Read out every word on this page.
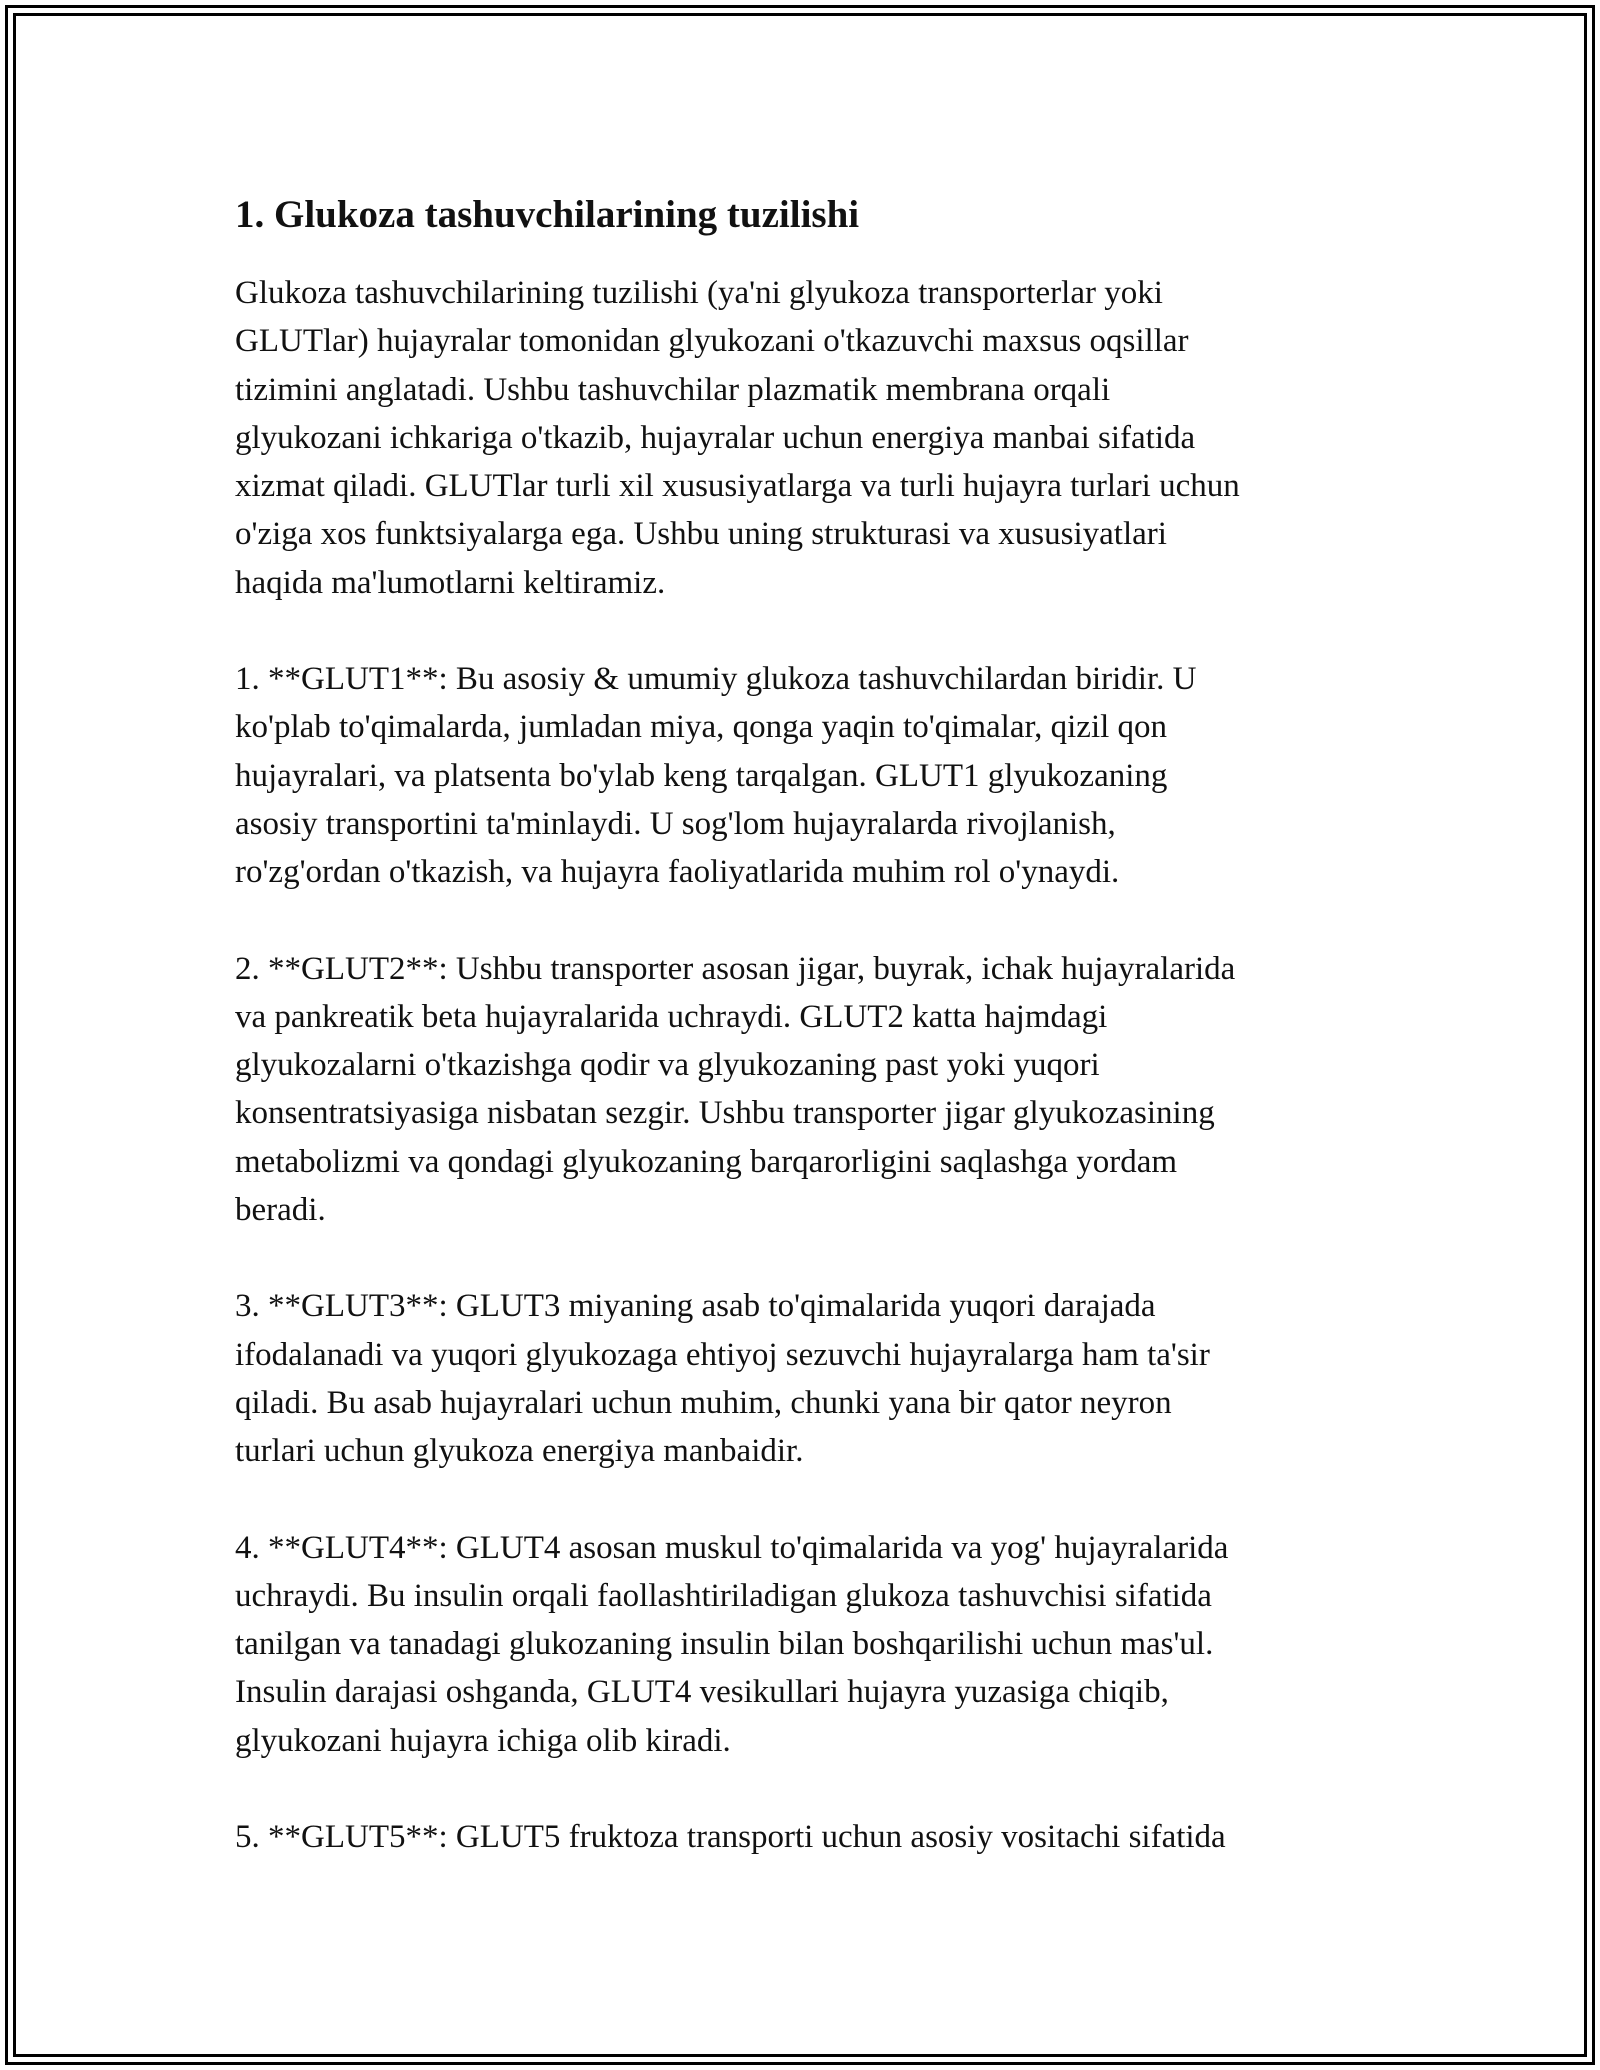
1. Glukoza tashuvchilarining tuzilishi

Glukoza tashuvchilarining tuzilishi (ya'ni glyukoza transporterlar yoki
GLUTlar) hujayralar tomonidan glyukozani o'tkazuvchi maxsus oqsillar
tizimini anglatadi. Ushbu tashuvchilar plazmatik membrana orqali
glyukozani ichkariga o'tkazib, hujayralar uchun energiya manbai sifatida
xizmat qiladi. GLUTlar turli xil xususiyatlarga va turli hujayra turlari uchun
o'ziga xos funktsiyalarga ega. Ushbu uning strukturasi va xususiyatlari
haqida ma'lumotlarni keltiramiz.

1. **GLUT1**: Bu asosiy & umumiy glukoza tashuvchilardan biridir. U
ko'plab to'qimalarda, jumladan miya, qonga yaqin to'qimalar, qizil qon
hujayralari, va platsenta bo'ylab keng tarqalgan. GLUT1 glyukozaning
asosiy transportini ta'minlaydi. U sog'lom hujayralarda rivojlanish,
ro'zg'ordan o'tkazish, va hujayra faoliyatlarida muhim rol o'ynaydi.

2. **GLUT2**: Ushbu transporter asosan jigar, buyrak, ichak hujayralarida
va pankreatik beta hujayralarida uchraydi. GLUT2 katta hajmdagi
glyukozalarni o'tkazishga qodir va glyukozaning past yoki yuqori
konsentratsiyasiga nisbatan sezgir. Ushbu transporter jigar glyukozasining
metabolizmi va qondagi glyukozaning barqarorligini saqlashga yordam
beradi.

3. **GLUT3**: GLUT3 miyaning asab to'qimalarida yuqori darajada
ifodalanadi va yuqori glyukozaga ehtiyoj sezuvchi hujayralarga ham ta'sir
qiladi. Bu asab hujayralari uchun muhim, chunki yana bir qator neyron
turlari uchun glyukoza energiya manbaidir.

4. **GLUT4**: GLUT4 asosan muskul to'qimalarida va yog' hujayralarida
uchraydi. Bu insulin orqali faollashtiriladigan glukoza tashuvchisi sifatida
tanilgan va tanadagi glukozaning insulin bilan boshqarilishi uchun mas'ul.
Insulin darajasi oshganda, GLUT4 vesikullari hujayra yuzasiga chiqib,
glyukozani hujayra ichiga olib kiradi.

5. **GLUT5**: GLUT5 fruktoza transporti uchun asosiy vositachi sifatida
